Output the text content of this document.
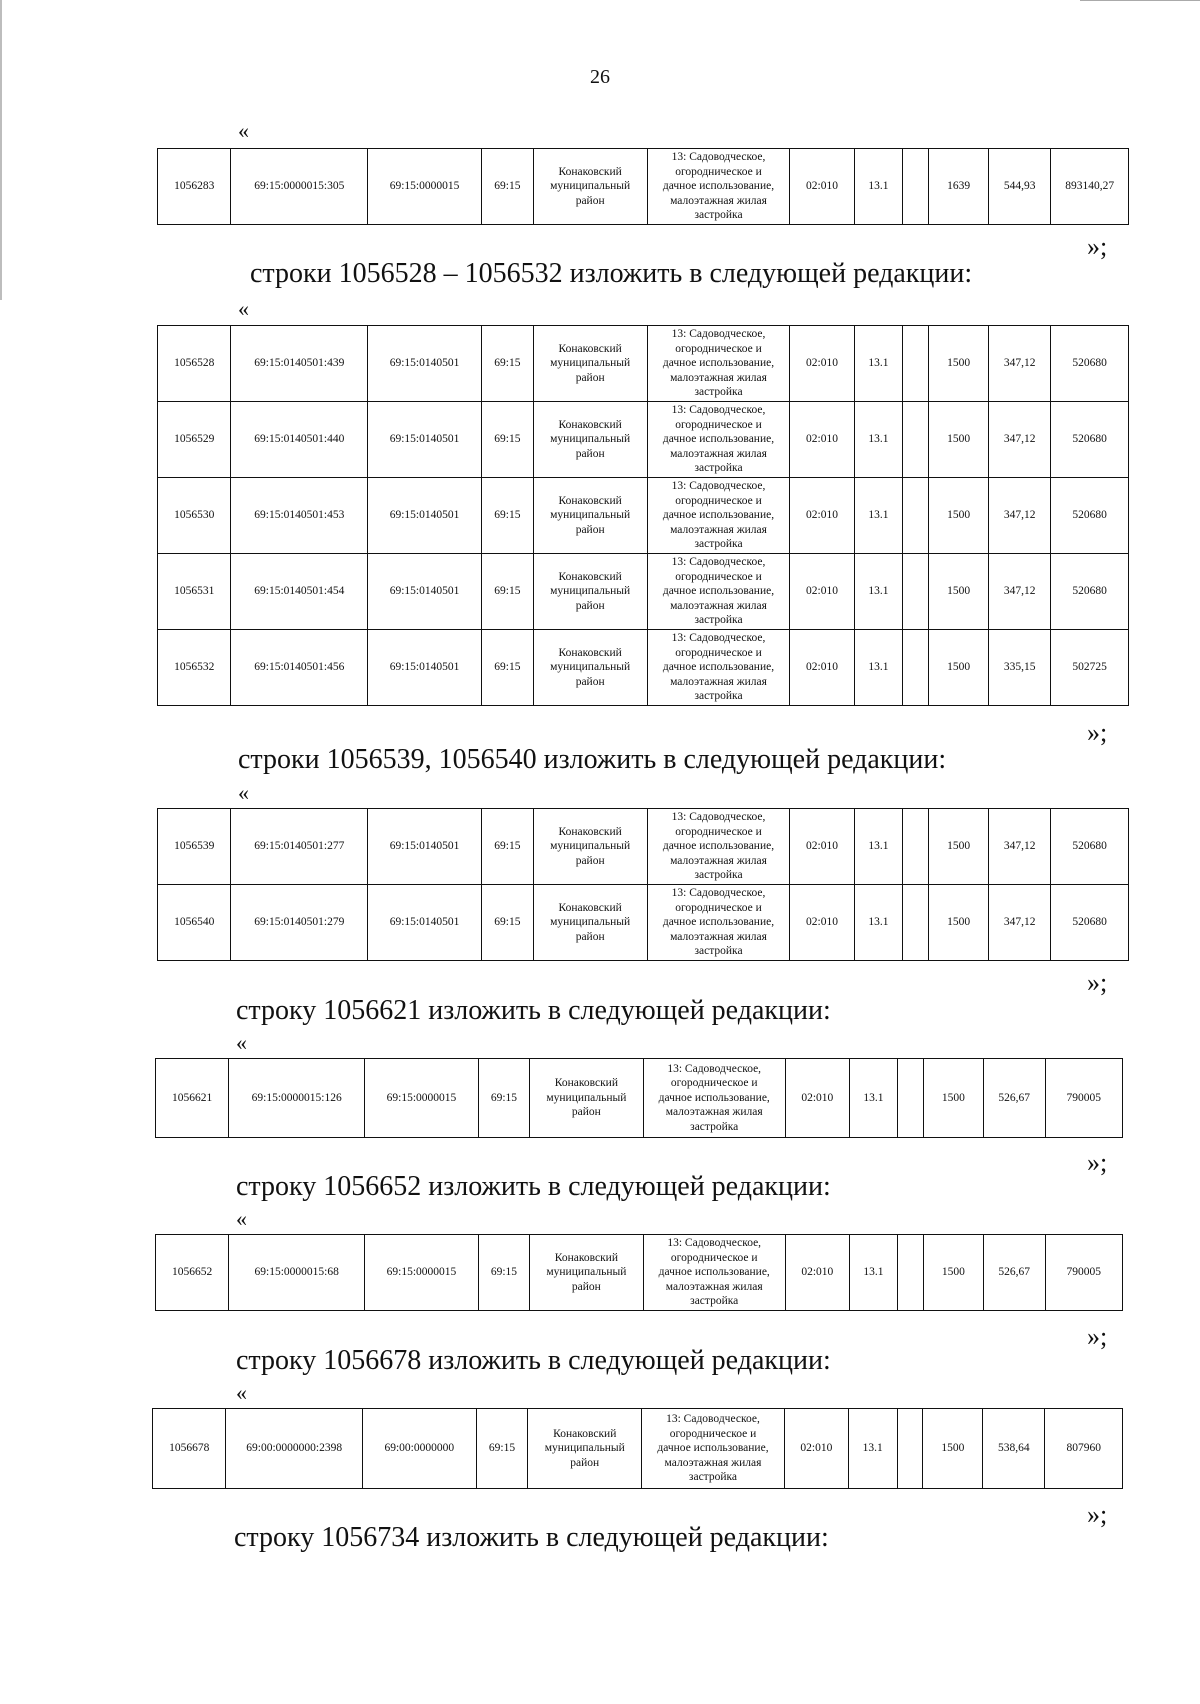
26
«
1056283	69:15:0000015:305	69:15:0000015	69:15	
Конаковский
муниципальный
район

13: Садоводческое,
огородническое и
дачное использование,
малоэтажная жилая
застройка
	02:010	13.1		1639	544,93	893140,27
»;
строки 1056528 – 1056532 изложить в следующей редакции:
«
1056528	69:15:0140501:439	69:15:0140501	69:15	Конаковский
муниципальный
район	13: Садоводческое,
огородническое и
дачное использование,
малоэтажная жилая
застройка	02:010	13.1		1500	347,12	520680
1056529	69:15:0140501:440	69:15:0140501	69:15	Конаковский
муниципальный
район	13: Садоводческое,
огородническое и
дачное использование,
малоэтажная жилая
застройка	02:010	13.1		1500	347,12	520680
1056530	69:15:0140501:453	69:15:0140501	69:15	Конаковский
муниципальный
район	13: Садоводческое,
огородническое и
дачное использование,
малоэтажная жилая
застройка	02:010	13.1		1500	347,12	520680
1056531	69:15:0140501:454	69:15:0140501	69:15	Конаковский
муниципальный
район	13: Садоводческое,
огородническое и
дачное использование,
малоэтажная жилая
застройка	02:010	13.1		1500	347,12	520680
1056532	69:15:0140501:456	69:15:0140501	69:15	Конаковский
муниципальный
район	13: Садоводческое,
огородническое и
дачное использование,
малоэтажная жилая
застройка	02:010	13.1		1500	335,15	502725
»;
строки 1056539, 1056540 изложить в следующей редакции:
«
1056539	69:15:0140501:277	69:15:0140501	69:15	Конаковский
муниципальный
район	13: Садоводческое,
огородническое и
дачное использование,
малоэтажная жилая
застройка	02:010	13.1		1500	347,12	520680
1056540	69:15:0140501:279	69:15:0140501	69:15	Конаковский
муниципальный
район	13: Садоводческое,
огородническое и
дачное использование,
малоэтажная жилая
застройка	02:010	13.1		1500	347,12	520680
»;
строку 1056621 изложить в следующей редакции:
«
1056621	69:15:0000015:126	69:15:0000015	69:15	
Конаковский
муниципальный
район

13: Садоводческое,
огородническое и
дачное использование,
малоэтажная жилая
застройка
	02:010	13.1		1500	526,67	790005
»;
строку 1056652 изложить в следующей редакции:
«
1056652	69:15:0000015:68	69:15:0000015	69:15	
Конаковский
муниципальный
район

13: Садоводческое,
огородническое и
дачное использование,
малоэтажная жилая
застройка
	02:010	13.1		1500	526,67	790005
»;
строку 1056678 изложить в следующей редакции:
«
1056678	69:00:0000000:2398	69:00:0000000	69:15	
Конаковский
муниципальный
район

13: Садоводческое,
огородническое и
дачное использование,
малоэтажная жилая
застройка
	02:010	13.1		1500	538,64	807960
»;
строку 1056734 изложить в следующей редакции:
